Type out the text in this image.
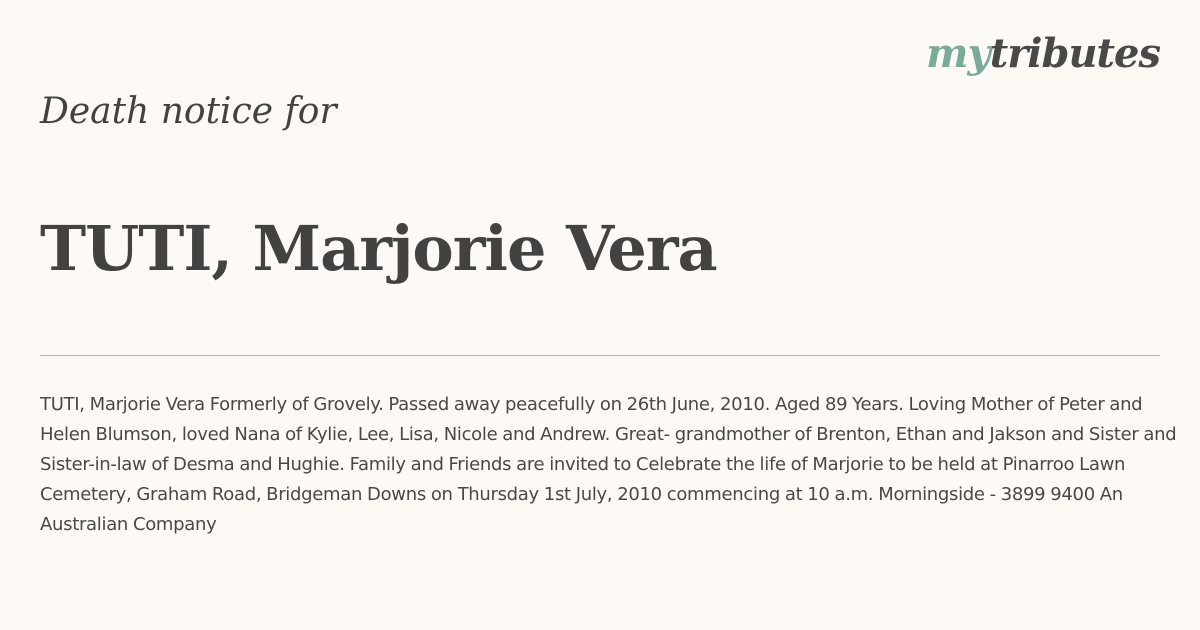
mytributes
Death notice for
TUTI, Marjorie Vera

TUTI, Marjorie Vera Formerly of Grovely. Passed away peacefully on 26th June, 2010. Aged 89 Years. Loving Mother of Peter and Helen Blumson, loved Nana of Kylie, Lee, Lisa, Nicole and Andrew. Great- grandmother of Brenton, Ethan and Jakson and Sister and Sister-in-law of Desma and Hughie. Family and Friends are invited to Celebrate the life of Marjorie to be held at Pinarroo Lawn Cemetery, Graham Road, Bridgeman Downs on Thursday 1st July, 2010 commencing at 10 a.m. Morningside - 3899 9400 An Australian Company
